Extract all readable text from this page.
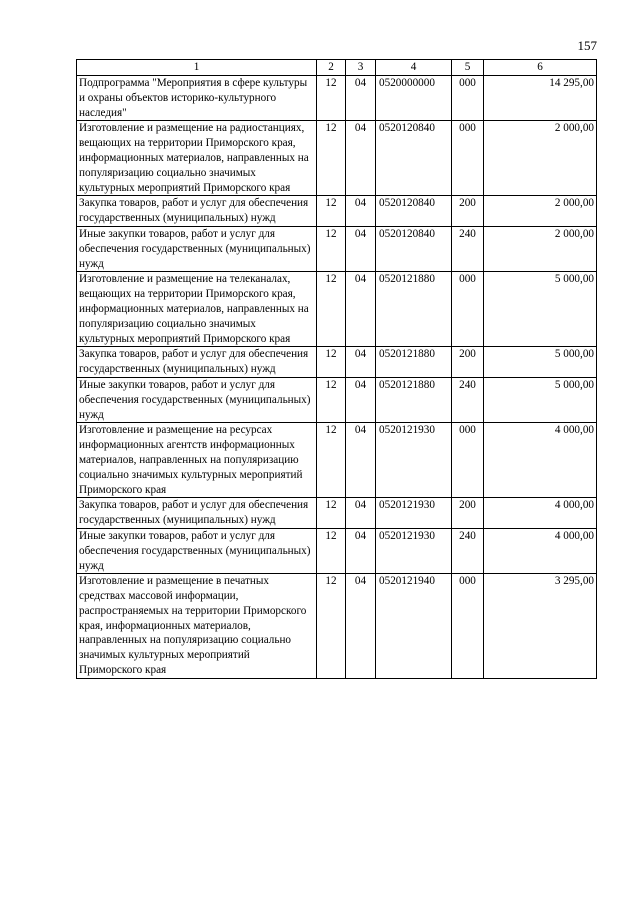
157
1	2	3	4	5	6
Подпрограмма "Мероприятия в сфере культуры и охраны объектов историко-культурного наследия"	12	04	0520000000	000	14 295,00
Изготовление и размещение на радиостанциях, вещающих на территории Приморского края, информационных материалов, направленных на популяризацию социально значимых культурных мероприятий Приморского края	12	04	0520120840	000	2 000,00
Закупка товаров, работ и услуг для обеспечения государственных (муниципальных) нужд	12	04	0520120840	200	2 000,00
Иные закупки товаров, работ и услуг для обеспечения государственных (муниципальных) нужд	12	04	0520120840	240	2 000,00
Изготовление и размещение на телеканалах, вещающих на территории Приморского края, информационных материалов, направленных на популяризацию социально значимых культурных мероприятий Приморского края	12	04	0520121880	000	5 000,00
Закупка товаров, работ и услуг для обеспечения государственных (муниципальных) нужд	12	04	0520121880	200	5 000,00
Иные закупки товаров, работ и услуг для обеспечения государственных (муниципальных) нужд	12	04	0520121880	240	5 000,00
Изготовление и размещение на ресурсах информационных агентств информационных материалов, направленных на популяризацию социально значимых культурных мероприятий Приморского края	12	04	0520121930	000	4 000,00
Закупка товаров, работ и услуг для обеспечения государственных (муниципальных) нужд	12	04	0520121930	200	4 000,00
Иные закупки товаров, работ и услуг для обеспечения государственных (муниципальных) нужд	12	04	0520121930	240	4 000,00
Изготовление и размещение в печатных средствах массовой информации, распространяемых на территории Приморского края, информационных материалов, направленных на популяризацию социально значимых культурных мероприятий Приморского края	12	04	0520121940	000	3 295,00
